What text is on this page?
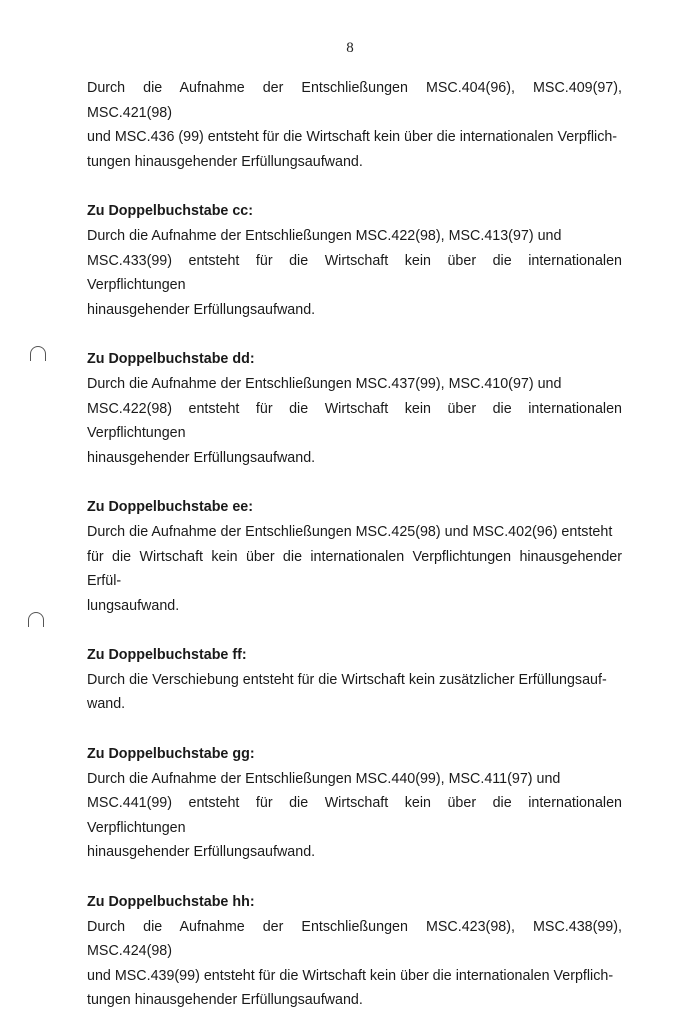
8

Durch die Aufnahme der Entschließungen MSC.404(96), MSC.409(97), MSC.421(98)

und MSC.436 (99) entsteht für die Wirtschaft kein über die internationalen Verpflich-

tungen hinausgehender Erfüllungsaufwand.

Zu Doppelbuchstabe cc:

Durch die Aufnahme der Entschließungen MSC.422(98), MSC.413(97) und

MSC.433(99) entsteht für die Wirtschaft kein über die internationalen Verpflichtungen

hinausgehender Erfüllungsaufwand.

Zu Doppelbuchstabe dd:

Durch die Aufnahme der Entschließungen MSC.437(99), MSC.410(97) und

MSC.422(98) entsteht für die Wirtschaft kein über die internationalen Verpflichtungen

hinausgehender Erfüllungsaufwand.

Zu Doppelbuchstabe ee:

Durch die Aufnahme der Entschließungen MSC.425(98) und MSC.402(96) entsteht

für die Wirtschaft kein über die internationalen Verpflichtungen hinausgehender Erfül-

lungsaufwand.

Zu Doppelbuchstabe ff:

Durch die Verschiebung entsteht für die Wirtschaft kein zusätzlicher Erfüllungsauf-

wand.

Zu Doppelbuchstabe gg:

Durch die Aufnahme der Entschließungen MSC.440(99), MSC.411(97) und

MSC.441(99) entsteht für die Wirtschaft kein über die internationalen Verpflichtungen

hinausgehender Erfüllungsaufwand.

Zu Doppelbuchstabe hh:

Durch die Aufnahme der Entschließungen MSC.423(98), MSC.438(99), MSC.424(98)

und MSC.439(99) entsteht für die Wirtschaft kein über die internationalen Verpflich-

tungen hinausgehender Erfüllungsaufwand.
